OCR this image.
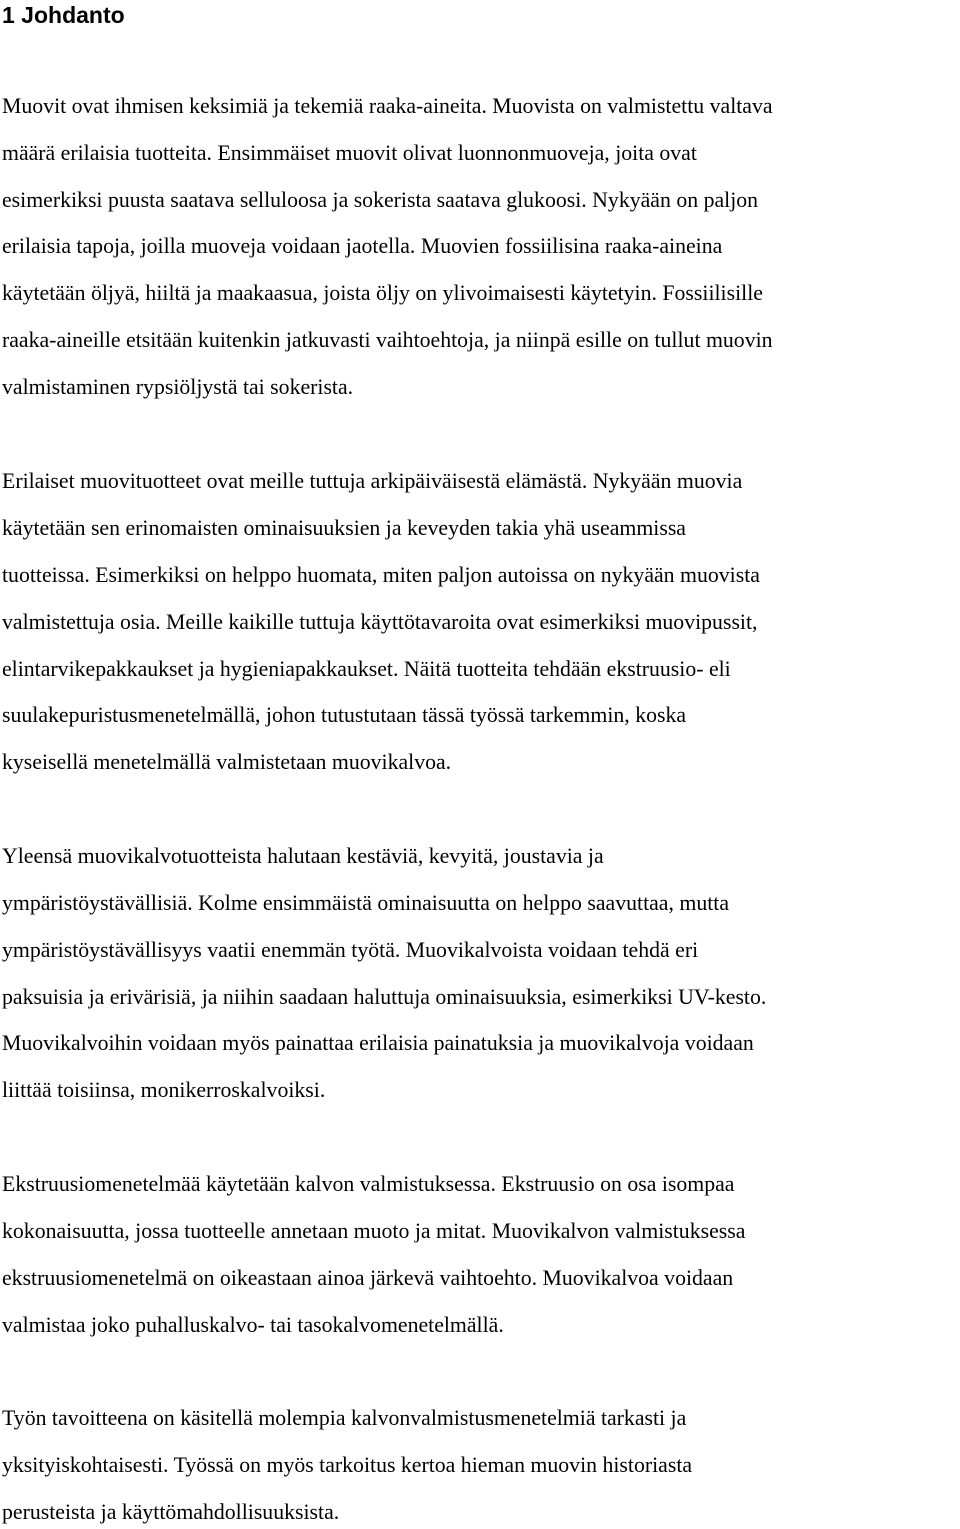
1 Johdanto

Muovit ovat ihmisen keksimiä ja tekemiä raaka-aineita. Muovista on valmistettu valtava

määrä erilaisia tuotteita. Ensimmäiset muovit olivat luonnonmuoveja, joita ovat

esimerkiksi puusta saatava selluloosa ja sokerista saatava glukoosi. Nykyään on paljon

erilaisia tapoja, joilla muoveja voidaan jaotella. Muovien fossiilisina raaka-aineina

käytetään öljyä, hiiltä ja maakaasua, joista öljy on ylivoimaisesti käytetyin. Fossiilisille

raaka-aineille etsitään kuitenkin jatkuvasti vaihtoehtoja, ja niinpä esille on tullut muovin

valmistaminen rypsiöljystä tai sokerista.

Erilaiset muovituotteet ovat meille tuttuja arkipäiväisestä elämästä. Nykyään muovia

käytetään sen erinomaisten ominaisuuksien ja keveyden takia yhä useammissa

tuotteissa. Esimerkiksi on helppo huomata, miten paljon autoissa on nykyään muovista

valmistettuja osia. Meille kaikille tuttuja käyttötavaroita ovat esimerkiksi muovipussit,

elintarvikepakkaukset ja hygieniapakkaukset. Näitä tuotteita tehdään ekstruusio- eli

suulakepuristusmenetelmällä, johon tutustutaan tässä työssä tarkemmin, koska

kyseisellä menetelmällä valmistetaan muovikalvoa.

Yleensä muovikalvotuotteista halutaan kestäviä, kevyitä, joustavia ja

ympäristöystävällisiä. Kolme ensimmäistä ominaisuutta on helppo saavuttaa, mutta

ympäristöystävällisyys vaatii enemmän työtä. Muovikalvoista voidaan tehdä eri

paksuisia ja erivärisiä, ja niihin saadaan haluttuja ominaisuuksia, esimerkiksi UV-kesto.

Muovikalvoihin voidaan myös painattaa erilaisia painatuksia ja muovikalvoja voidaan

liittää toisiinsa, monikerroskalvoiksi.

Ekstruusiomenetelmää käytetään kalvon valmistuksessa. Ekstruusio on osa isompaa

kokonaisuutta, jossa tuotteelle annetaan muoto ja mitat. Muovikalvon valmistuksessa

ekstruusiomenetelmä on oikeastaan ainoa järkevä vaihtoehto. Muovikalvoa voidaan

valmistaa joko puhalluskalvo- tai tasokalvomenetelmällä.

Työn tavoitteena on käsitellä molempia kalvonvalmistusmenetelmiä tarkasti ja

yksityiskohtaisesti. Työssä on myös tarkoitus kertoa hieman muovin historiasta

perusteista ja käyttömahdollisuuksista.
